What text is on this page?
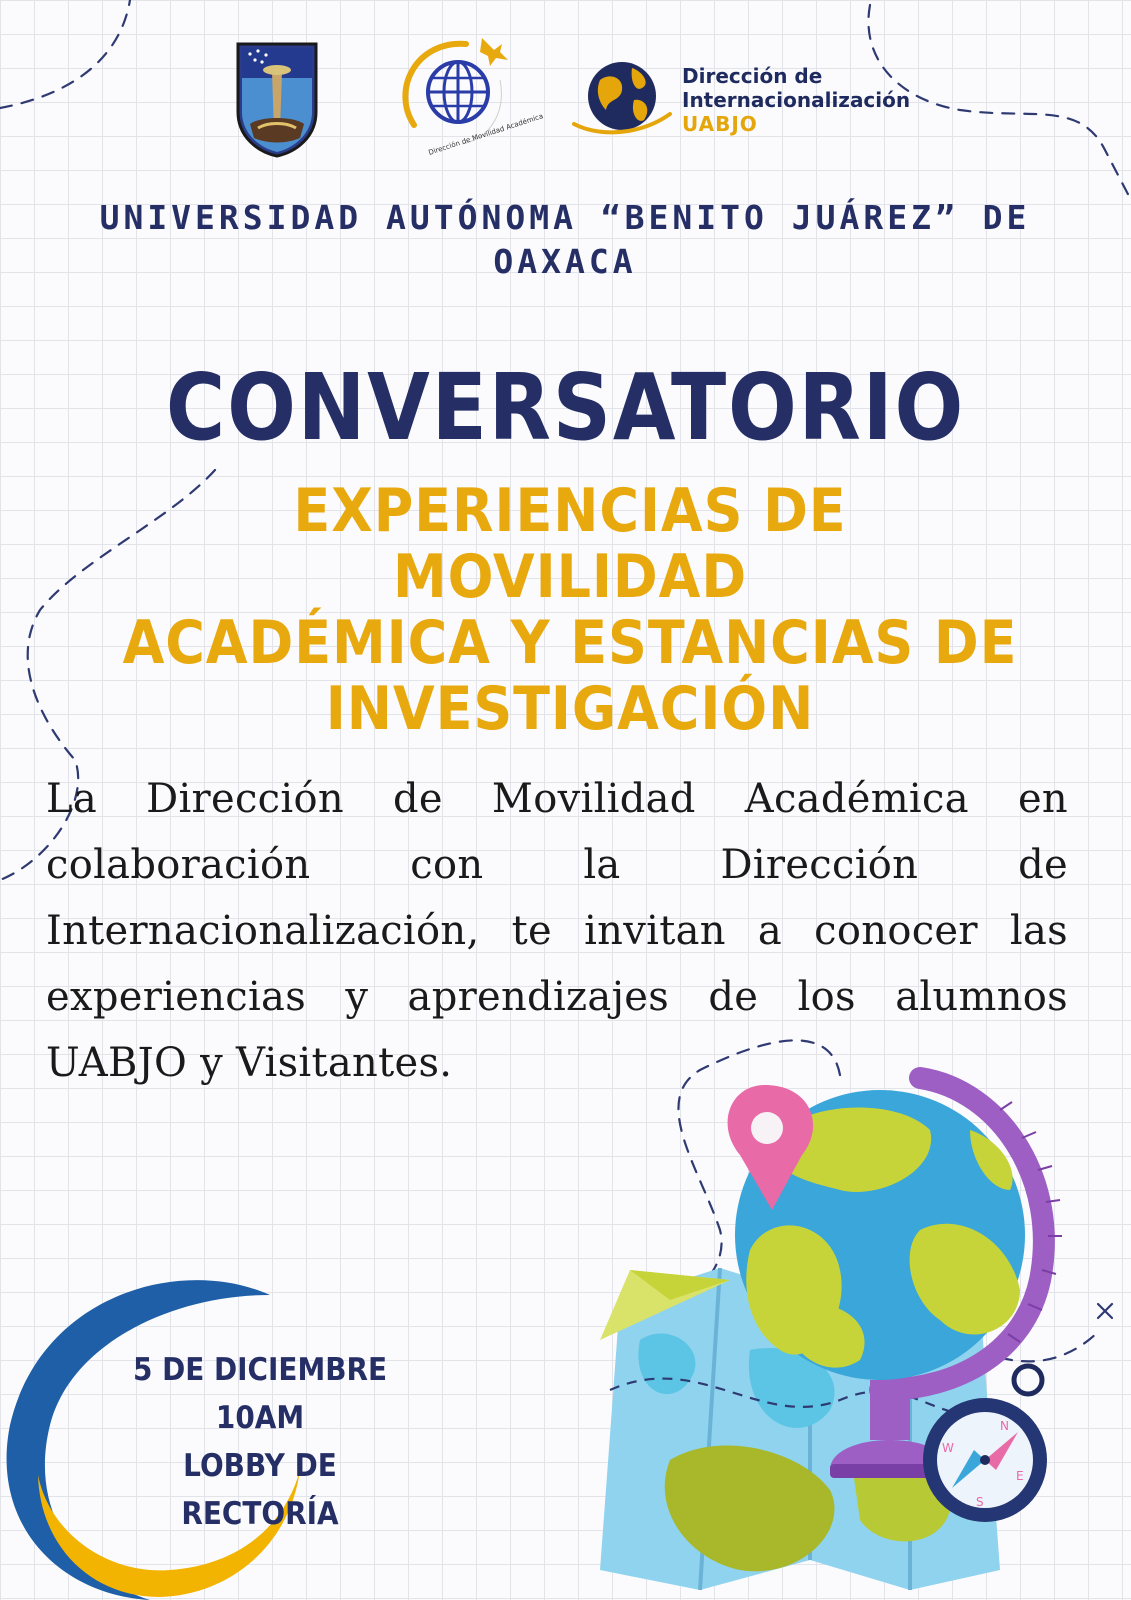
Dirección de Movilidad Académica
Dirección de
Internacionalización
UABJO
UNIVERSIDAD AUTÓNOMA “BENITO JUÁREZ” DE
OAXACA
CONVERSATORIO
EXPERIENCIAS DE MOVILIDAD
ACADÉMICA Y ESTANCIAS DE
INVESTIGACIÓN
La Dirección de Movilidad Académica en colaboración con la Dirección de Internacionalización, te invitan a conocer las experiencias y aprendizajes de los alumnos UABJO y Visitantes.
5 DE DICIEMBRE
10AM
LOBBY DE RECTORÍA
N
S
E
W
